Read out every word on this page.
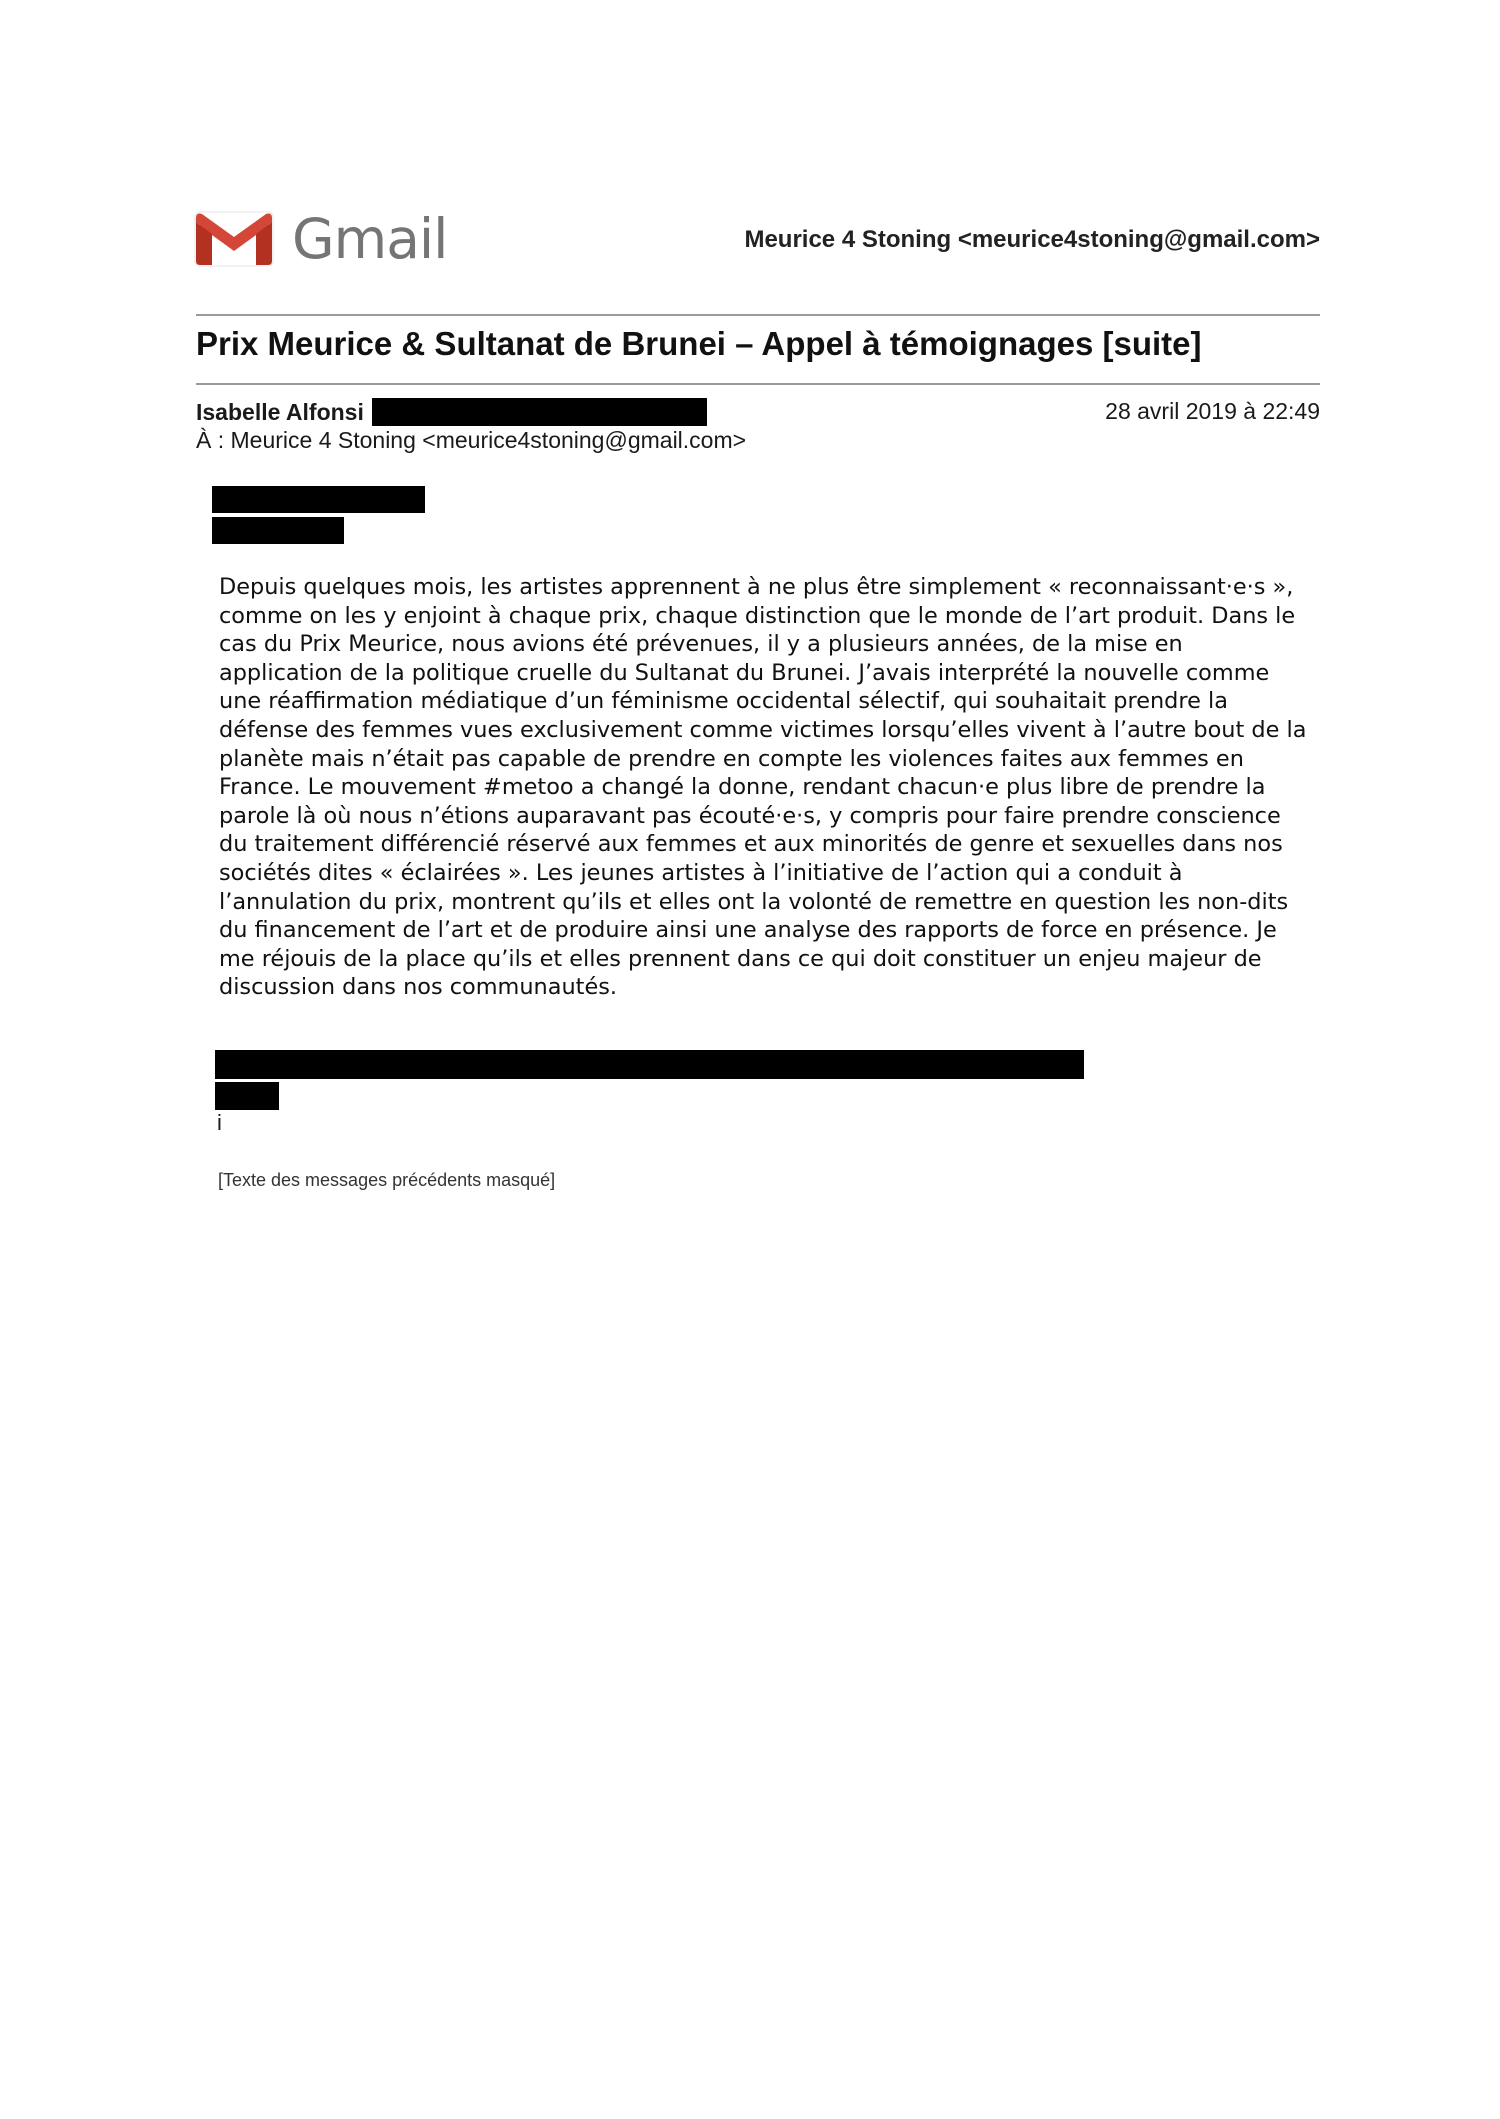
Gmail	Meurice 4 Stoning <meurice4stoning@gmail.com>
Prix Meurice & Sultanat de Brunei – Appel à témoignages [suite]
Isabelle Alfonsi	28 avril 2019 à 22:49
À : Meurice 4 Stoning <meurice4stoning@gmail.com>
Depuis quelques mois, les artistes apprennent à ne plus être simplement « reconnaissant·e·s »,
comme on les y enjoint à chaque prix, chaque distinction que le monde de l’art produit. Dans le
cas du Prix Meurice, nous avions été prévenues, il y a plusieurs années, de la mise en
application de la politique cruelle du Sultanat du Brunei. J’avais interprété la nouvelle comme
une réaffirmation médiatique d’un féminisme occidental sélectif, qui souhaitait prendre la
défense des femmes vues exclusivement comme victimes lorsqu’elles vivent à l’autre bout de la
planète mais n’était pas capable de prendre en compte les violences faites aux femmes en
France. Le mouvement #metoo a changé la donne, rendant chacun·e plus libre de prendre la
parole là où nous n’étions auparavant pas écouté·e·s, y compris pour faire prendre conscience
du traitement différencié réservé aux femmes et aux minorités de genre et sexuelles dans nos
sociétés dites « éclairées ». Les jeunes artistes à l’initiative de l’action qui a conduit à
l’annulation du prix, montrent qu’ils et elles ont la volonté de remettre en question les non-dits
du financement de l’art et de produire ainsi une analyse des rapports de force en présence. Je
me réjouis de la place qu’ils et elles prennent dans ce qui doit constituer un enjeu majeur de
discussion dans nos communautés.
i
[Texte des messages précédents masqué]
